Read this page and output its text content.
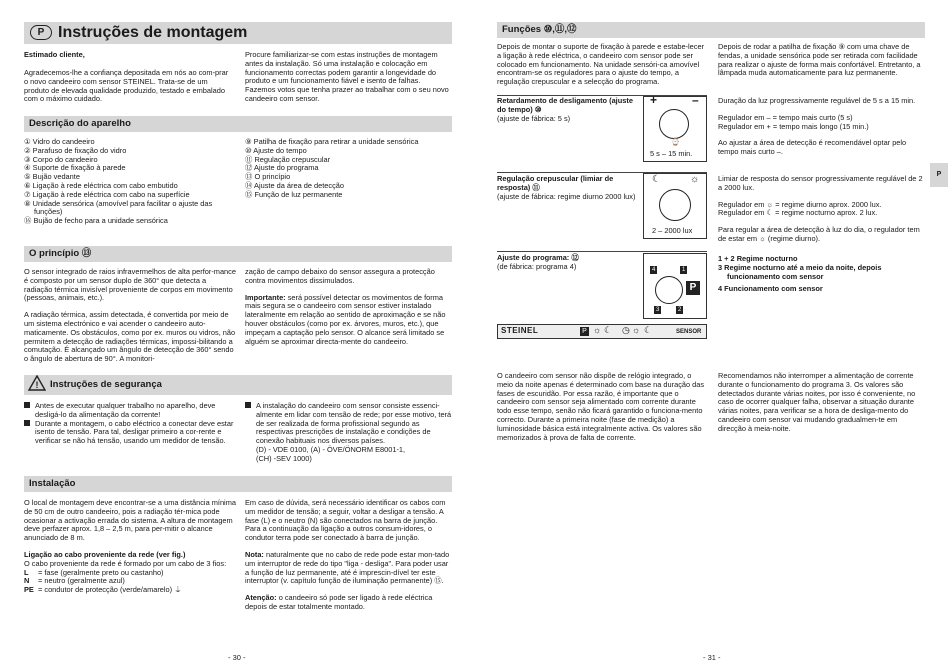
P Instruções de montagem
Estimado cliente,
Agradecemos-lhe a confiança depositada em nós ao com-prar o novo candeeiro com sensor STEINEL. Trata-se de um produto de elevada qualidade produzido, testado e embalado com o máximo cuidado.
Procure familiarizar-se com estas instruções de montagem antes da instalação. Só uma instalação e colocação em funcionamento correctas podem garantir a longevidade do produto e um funcionamento fiável e isento de falhas. Fazemos votos que tenha prazer ao trabalhar com o seu novo candeeiro com sensor.
Descrição do aparelho
① Vidro do candeeiro
② Parafuso de fixação do vidro
③ Corpo do candeeiro
④ Suporte de fixação à parede
⑤ Bujão vedante
⑥ Ligação à rede eléctrica com cabo embutido
⑦ Ligação à rede eléctrica com cabo na superfície
⑧ Unidade sensórica (amovível para facilitar o ajuste das
funções)
⑯ Bujão de fecho para a unidade sensórica
⑨ Patilha de fixação para retirar a unidade sensórica
⑩ Ajuste do tempo
⑪ Regulação crepuscular
⑫ Ajuste do programa
⑬ O princípio
⑭ Ajuste da área de detecção
⑮ Função de luz permanente
O princípio ⑬

O sensor integrado de raios infravermelhos de alta perfor-mance é composto por um sensor duplo de 360° que detecta a radiação térmica invisível proveniente de corpos em movimento (pessoas, animais, etc.).

A radiação térmica, assim detectada, é convertida por meio de um sistema electrónico e vai acender o candeeiro auto-maticamente. Os obstáculos, como por ex. muros ou vidros, não permitem a detecção de radiações térmicas, impossi-bilitando a comutação. É alcançado um ângulo de detecção de 360° sendo o ângulo de abertura de 90°. A monitori-

zação de campo debaixo do sensor assegura a protecção contra movimentos dissimulados.

Importante: será possível detectar os movimentos de forma mais segura se o candeeiro com sensor estiver instalado lateralmente em relação ao sentido de aproximação e se não houver obstáculos (como por ex. árvores, muros, etc.), que impeçam a captação pelo sensor. O alcance será limitado se alguém se aproximar directa-mente do candeeiro.

! Instruções de segurança
Antes de executar qualquer trabalho no aparelho, deve desligá-lo da alimentação da corrente!
Durante a montagem, o cabo eléctrico a conectar deve estar isento de tensão. Para tal, desligar primeiro a cor-rente e verificar se não há tensão, usando um medidor de tensão.
A instalação do candeeiro com sensor consiste essenci-almente em lidar com tensão de rede; por esse motivo, terá de ser realizada de forma profissional segundo as respectivas prescrições de instalação e condições de conexão habituais nos diversos países.
(D) - VDE 0100, (A) - ÖVE/ÖNORM E8001-1,
(CH) -SEV 1000)
Instalação

O local de montagem deve encontrar-se a uma distância mínima de 50 cm de outro candeeiro, pois a radiação tér-mica pode ocasionar a activação errada do sistema. A altura de montagem deve perfazer aprox. 1,8 – 2,5 m, para per-mitir o alcance anunciado de 8 m.

Ligação ao cabo proveniente da rede (ver fig.)
O cabo proveniente da rede é formado por um cabo de 3 fios:
L = fase (geralmente preto ou castanho)
N = neutro (geralmente azul)
PE = condutor de protecção (verde/amarelo) ⏚

Em caso de dúvida, será necessário identificar os cabos com um medidor de tensão; a seguir, voltar a desligar a tensão. A fase (L) e o neutro (N) são conectados na barra de junção. Para a continuação da ligação a outros consum-idores, o condutor terra pode ser conectado à barra de junção.

Nota: naturalmente que no cabo de rede pode estar mon-tado um interruptor de rede do tipo "liga - desliga". Para poder usar a função de luz permanente, até é imprescin-dível ter este interruptor (v. capítulo função de iluminação permanente) ⑮.

Atenção: o candeeiro só pode ser ligado à rede eléctrica depois de estar totalmente montado.

- 30 -
Funções ⑩,⑪,⑫
Depois de montar o suporte de fixação à parede e estabe-lecer a ligação à rede eléctrica, o candeeiro com sensor pode ser colocado em funcionamento. Na unidade sensóri-ca amovível encontram-se os reguladores para o ajuste do tempo, a regulação crepuscular e a selecção do programa.
Depois de rodar a patilha de fixação ⑨ com uma chave de fendas, a unidade sensórica pode ser retirada com facilidade para realizar o ajuste de forma mais confortável. Entretanto, a lâmpada muda automaticamente para luz permanente.
Retardamento de desligamento (ajuste do tempo) ⑩
(ajuste de fábrica: 5 s)
+	–
⌚
5 s – 15 min.

Duração da luz progressivamente regulável de 5 s a 15 min.

Regulador em – = tempo mais curto (5 s)

Regulador em + = tempo mais longo (15 min.)

Ao ajustar a área de detecção é recomendável optar pelo tempo mais curto –.
Regulação crepuscular (limiar de resposta) ⑪
(ajuste de fábrica: regime diurno 2000 lux)
☾	☼
2 – 2000 lux

Limiar de resposta do sensor progressivamente regulável de 2 a 2000 lux.

Regulador em ☼ = regime diurno aprox. 2000 lux.

Regulador em ☾ = regime nocturno aprox. 2 lux.

Para regular a área de detecção à luz do dia, o regulador tem de estar em ☼ (regime diurno).
Ajuste do programa: ⑫
(de fábrica: programa 4)	4	1
3	2
P
1 + 2 Regime nocturno
3 Regime nocturno até a meio da noite, depois funcionamento com sensor
4 Funcionamento com sensor
STEINEL	P ☼ ☾ ◷ ☼ ☾	SENSOR
O candeeiro com sensor não dispõe de relógio integrado, o meio da noite apenas é determinado com base na duração das fases de escuridão. Por essa razão, é importante que o candeeiro com sensor seja alimentado com corrente durante todo esse tempo, senão não ficará garantido o funciona-mento correcto. Durante a primeira noite (fase de medição) a luminosidade básica está integralmente activa. Os valores são memorizados à prova de falta de corrente.
Recomendamos não interromper a alimentação de corrente durante o funcionamento do programa 3. Os valores são detectados durante várias noites, por isso é conveniente, no caso de ocorrer qualquer falha, observar a situação durante várias noites, para verificar se a hora de desliga-mento do candeeiro com sensor vai mudando gradualmen-te em direcção à meia-noite.
P
- 31 -
